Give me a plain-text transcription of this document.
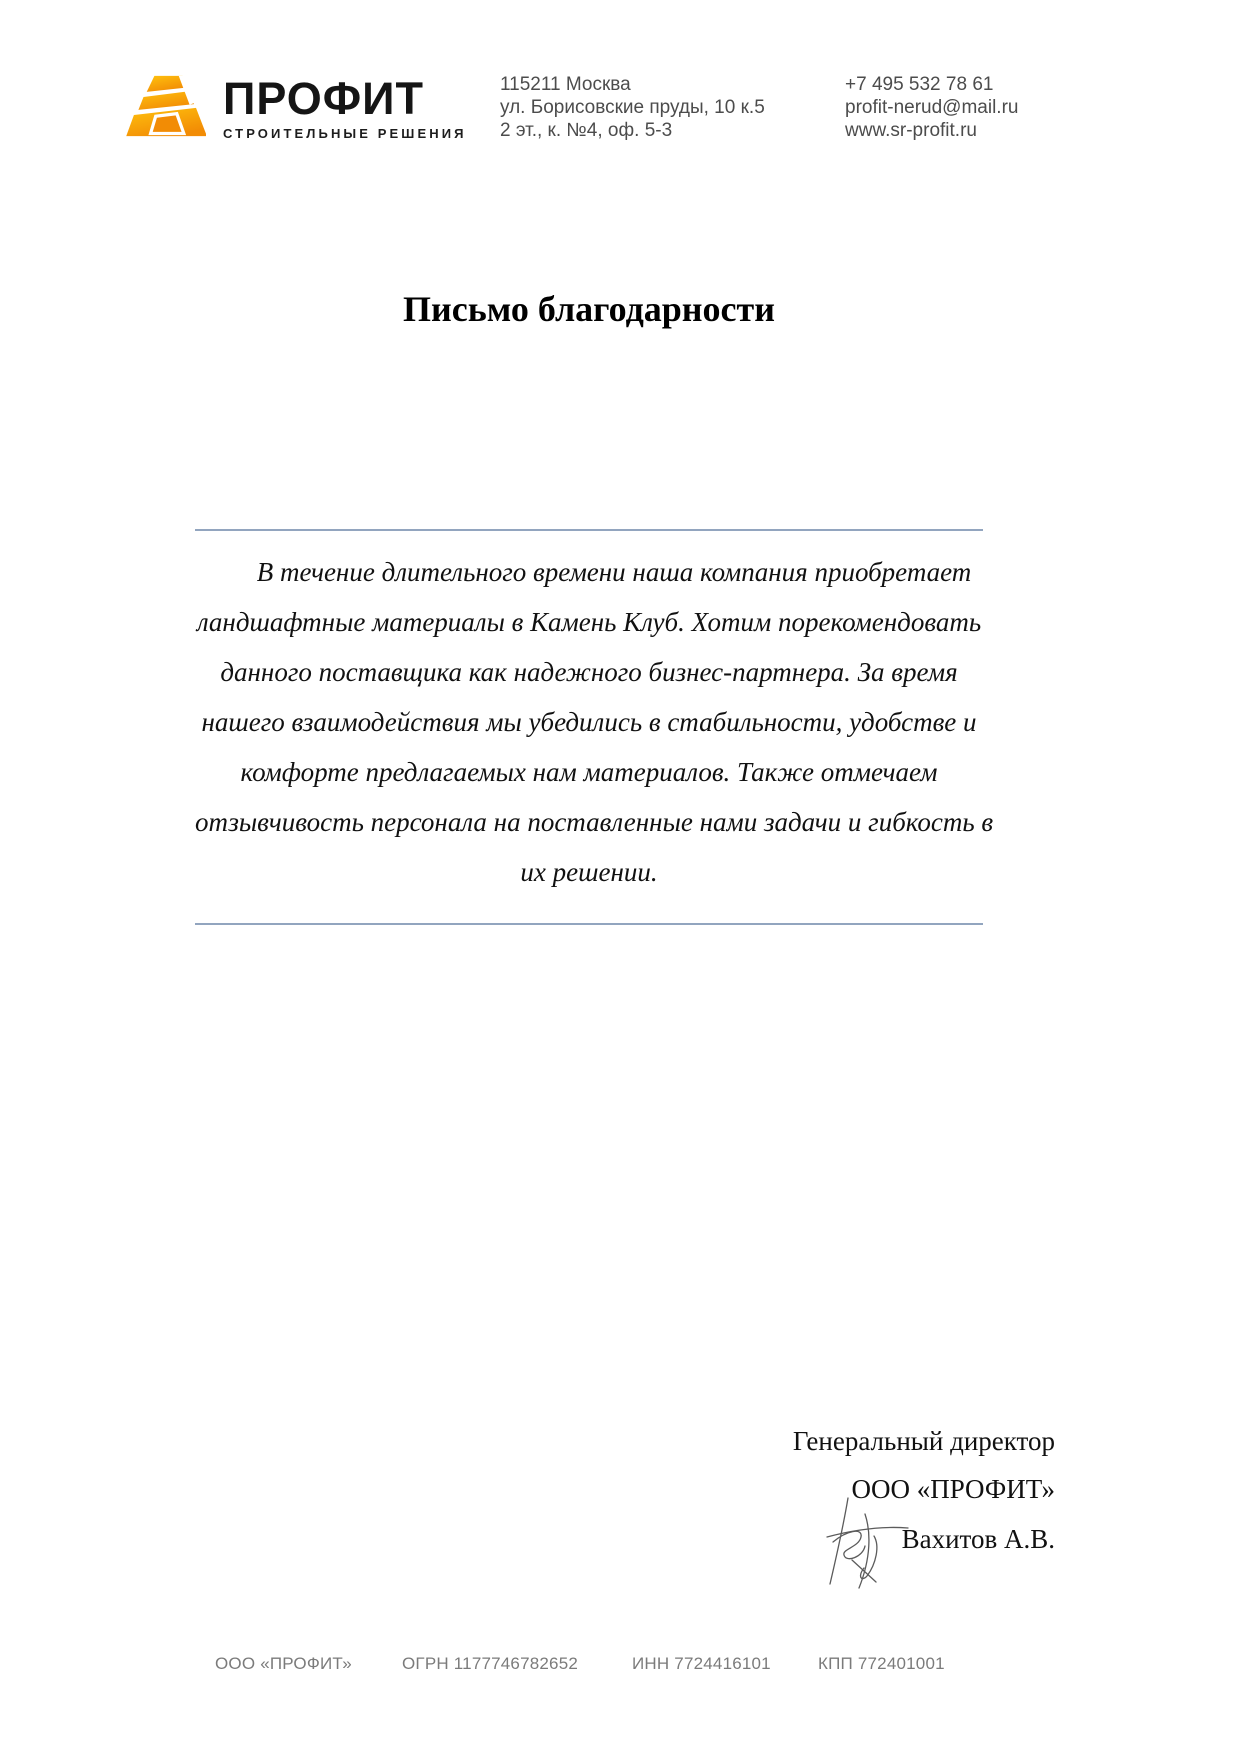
ПРОФИТ
СТРОИТЕЛЬНЫЕ РЕШЕНИЯ
115211 Москва
ул. Борисовские пруды, 10 к.5
2 эт., к. №4, оф. 5-3
+7 495 532 78 61
profit-nerud@mail.ru
www.sr-profit.ru
Письмо благодарности
В течение длительного времени наша компания приобретает
ландшафтные материалы в Камень Клуб. Хотим порекомендовать
данного поставщика как надежного бизнес-партнера. За время
нашего взаимодействия мы убедились в стабильности, удобстве и
комфорте предлагаемых нам материалов. Также отмечаем
отзывчивость персонала на поставленные нами задачи и гибкость в
их решении.
Генеральный директор
ООО «ПРОФИТ»
Вахитов А.В.
ООО «ПРОФИТ»	ОГРН 1177746782652	ИНН 7724416101	КПП 772401001
